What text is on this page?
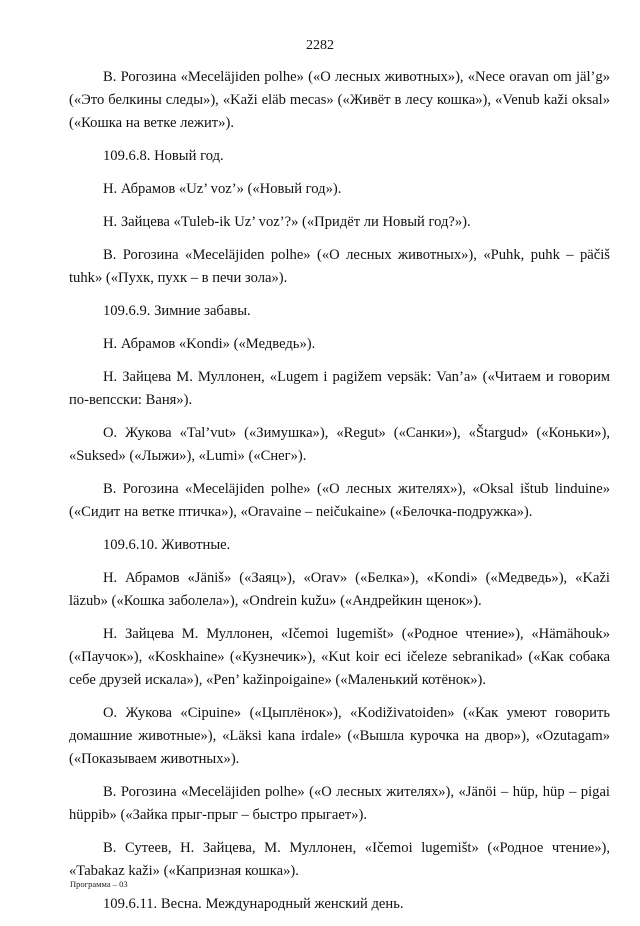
2282

В. Рогозина «Meceläjiden polhe» («О лесных животных»), «Nece oravan om jäl’g» («Это белкины следы»), «Kaži eläb mecas» («Живёт в лесу кошка»), «Venub kaži oksal» («Кошка на ветке лежит»).

109.6.8. Новый год.

Н. Абрамов «Uz’ voz’» («Новый год»).

Н. Зайцева «Tuleb-ik Uz’ voz’?» («Придёт ли Новый год?»).

В. Рогозина «Meceläjiden polhe» («О лесных животных»), «Puhk, puhk – päčiš tuhk» («Пухк, пухк – в печи зола»).

109.6.9. Зимние забавы.

Н. Абрамов «Kondi» («Медведь»).

Н. Зайцева М. Муллонен, «Lugem i pagižem vepsäk: Van’a» («Читаем и говорим по-вепсски: Ваня»).

О. Жукова «Tal’vut» («Зимушка»), «Regut» («Санки»), «Štargud» («Коньки»), «Suksed» («Лыжи»), «Lumi» («Снег»).

В. Рогозина «Meceläjiden polhe» («О лесных жителях»), «Oksal ištub linduine» («Сидит на ветке птичка»), «Oravaine – neičukaine» («Белочка-подружка»).

109.6.10. Животные.

Н. Абрамов «Jäniš» («Заяц»), «Orav» («Белка»), «Kondi» («Медведь»), «Kaži läzub» («Кошка заболела»), «Ondrein kužu» («Андрейкин щенок»).

Н. Зайцева М. Муллонен, «Ičemoi lugemišt» («Родное чтение»), «Hämähouk» («Паучок»), «Koskhaine» («Кузнечик»), «Kut koir eci ičeleze sebranikad» («Как собака себе друзей искала»), «Pen’ kažinpoigaine» («Маленький котёнок»).

О. Жукова «Cipuine» («Цыплёнок»), «Kodiživatoiden» («Как умеют говорить домашние животные»), «Läksi kana irdale» («Вышла курочка на двор»), «Ozutagam» («Показываем животных»).

В. Рогозина «Meceläjiden polhe» («О лесных жителях»), «Jänöi – hüp, hüp – pigai hüppib» («Зайка прыг-прыг – быстро прыгает»).

В. Сутеев, Н. Зайцева, М. Муллонен, «Ičemoi lugemišt» («Родное чтение»), «Tabakaz kaži» («Капризная кошка»).

109.6.11. Весна. Международный женский день.

Программа – 03
